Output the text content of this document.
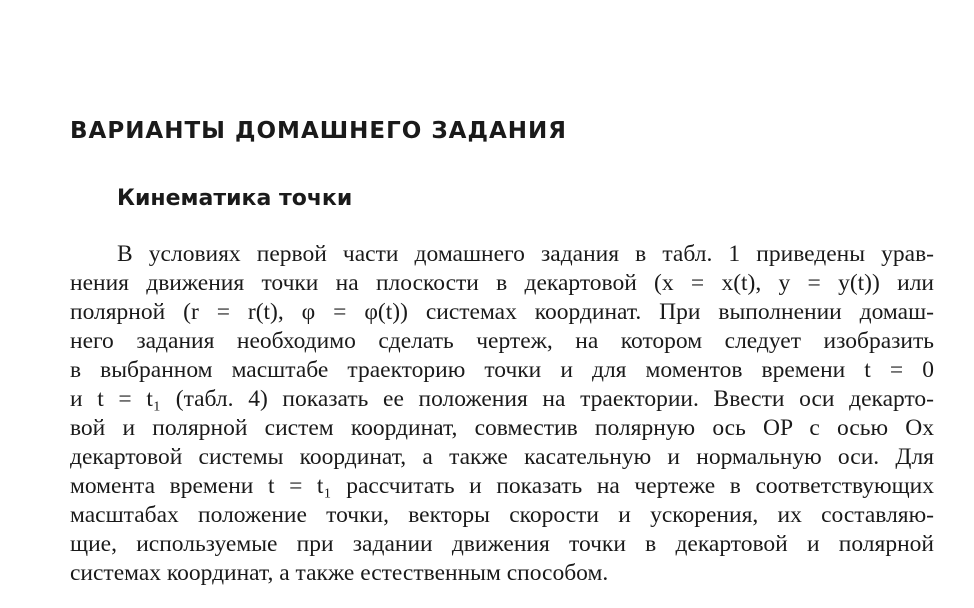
ВАРИАНТЫ ДОМАШНЕГО ЗАДАНИЯ
Кинематика точки
В условиях первой части домашнего задания в табл. 1 приведены урав-
нения движения точки на плоскости в декартовой (x = x(t), y = y(t)) или
полярной (r = r(t), φ = φ(t)) системах координат. При выполнении домаш-
него задания необходимо сделать чертеж, на котором следует изобразить
в выбранном масштабе траекторию точки и для моментов времени t = 0
и t = t₁ (табл. 4) показать ее положения на траектории. Ввести оси декарто-
вой и полярной систем координат, совместив полярную ось OP с осью Ox
декартовой системы координат, а также касательную и нормальную оси. Для
момента времени t = t₁ рассчитать и показать на чертеже в соответствующих
масштабах положение точки, векторы скорости и ускорения, их составляю-
щие, используемые при задании движения точки в декартовой и полярной
системах координат, а также естественным способом.
